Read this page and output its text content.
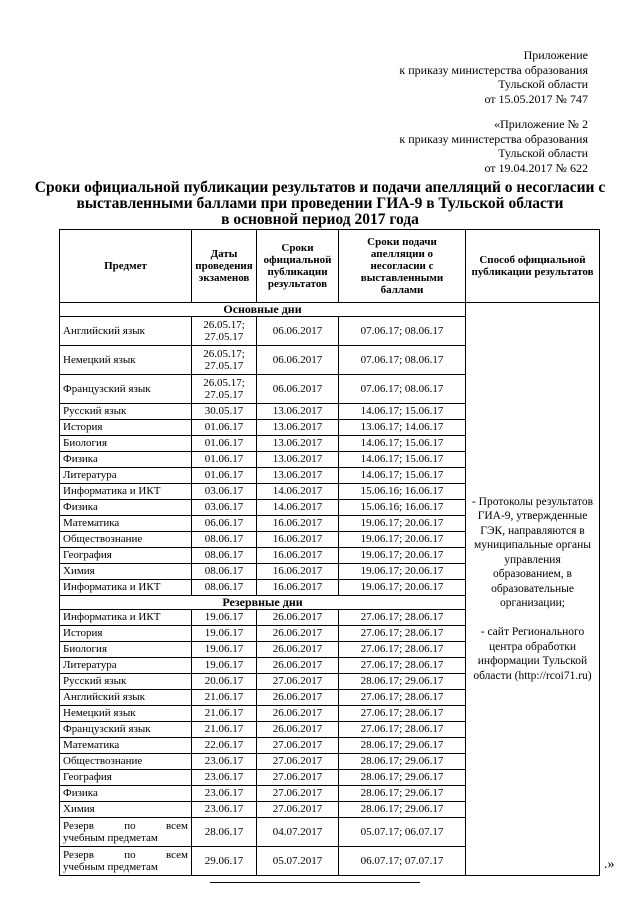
Приложение
к приказу министерства образования
Тульской области
от 15.05.2017 № 747
«Приложение № 2
к приказу министерства образования
Тульской области
от 19.04.2017 № 622
Сроки официальной публикации результатов и подачи апелляций о несогласии с
выставленными баллами при проведении ГИА-9 в Тульской области
в основной период 2017 года
Предмет	Даты проведения экзаменов	Сроки официальной публикации результатов	Сроки подачи апелляции о несогласии с выставленными баллами	Способ официальной публикации результатов
Основные дни				- Протоколы результатов ГИА-9, утвержденные ГЭК, направляются в муниципальные органы управления образованием, в образовательные организации;

- сайт Регионального центра обработки информации Тульской области (http://rcoi71.ru)
Английский язык	26.05.17;
27.05.17	06.06.2017	07.06.17; 08.06.17	
Немецкий язык	26.05.17;
27.05.17	06.06.2017	07.06.17; 08.06.17	
Французский язык	26.05.17;
27.05.17	06.06.2017	07.06.17; 08.06.17	
Русский язык	30.05.17	13.06.2017	14.06.17; 15.06.17	
История	01.06.17	13.06.2017	13.06.17; 14.06.17	
Биология	01.06.17	13.06.2017	14.06.17; 15.06.17	
Физика	01.06.17	13.06.2017	14.06.17; 15.06.17	
Литература	01.06.17	13.06.2017	14.06.17; 15.06.17	
Информатика и ИКТ	03.06.17	14.06.2017	15.06.16; 16.06.17	
Физика	03.06.17	14.06.2017	15.06.16; 16.06.17	
Математика	06.06.17	16.06.2017	19.06.17; 20.06.17	
Обществознание	08.06.17	16.06.2017	19.06.17; 20.06.17	
География	08.06.17	16.06.2017	19.06.17; 20.06.17	
Химия	08.06.17	16.06.2017	19.06.17; 20.06.17	
Информатика и ИКТ	08.06.17	16.06.2017	19.06.17; 20.06.17	
Резервные дни				
Информатика и ИКТ	19.06.17	26.06.2017	27.06.17; 28.06.17	
История	19.06.17	26.06.2017	27.06.17; 28.06.17	
Биология	19.06.17	26.06.2017	27.06.17; 28.06.17	
Литература	19.06.17	26.06.2017	27.06.17; 28.06.17	
Русский язык	20.06.17	27.06.2017	28.06.17; 29.06.17	
Английский язык	21.06.17	26.06.2017	27.06.17; 28.06.17	
Немецкий язык	21.06.17	26.06.2017	27.06.17; 28.06.17	
Французский язык	21.06.17	26.06.2017	27.06.17; 28.06.17	
Математика	22.06.17	27.06.2017	28.06.17; 29.06.17	
Обществознание	23.06.17	27.06.2017	28.06.17; 29.06.17	
География	23.06.17	27.06.2017	28.06.17; 29.06.17	
Физика	23.06.17	27.06.2017	28.06.17; 29.06.17	
Химия	23.06.17	27.06.2017	28.06.17; 29.06.17	

Резерв по всем
учебным предметам	28.06.17	04.07.2017	05.07.17; 06.07.17	

Резерв по всем
учебным предметам	29.06.17	05.07.2017	06.07.17; 07.07.17		.»
